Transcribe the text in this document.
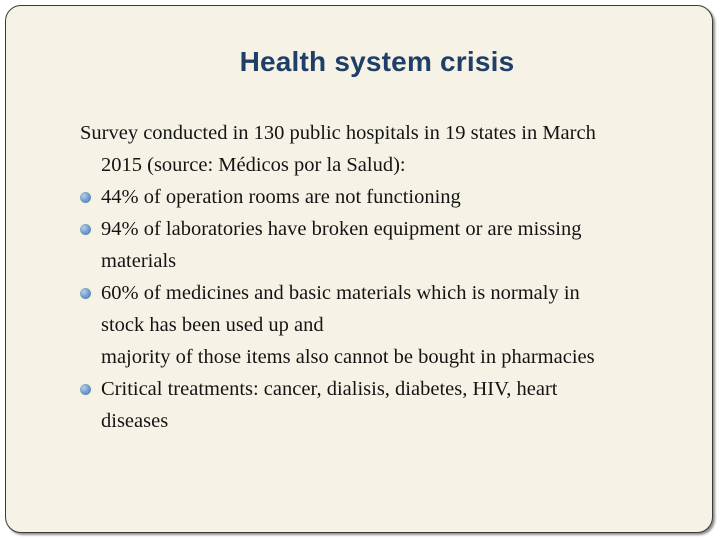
Health system crisis
Survey conducted in 130 public hospitals in 19 states in March
2015 (source: Médicos por la Salud):
44% of operation rooms are not functioning
94% of laboratories have broken equipment or are missing
materials
60% of medicines and basic materials which is normaly in
stock has been used up and
majority of those items also cannot be bought in pharmacies
Critical treatments: cancer, dialisis, diabetes, HIV, heart
diseases
